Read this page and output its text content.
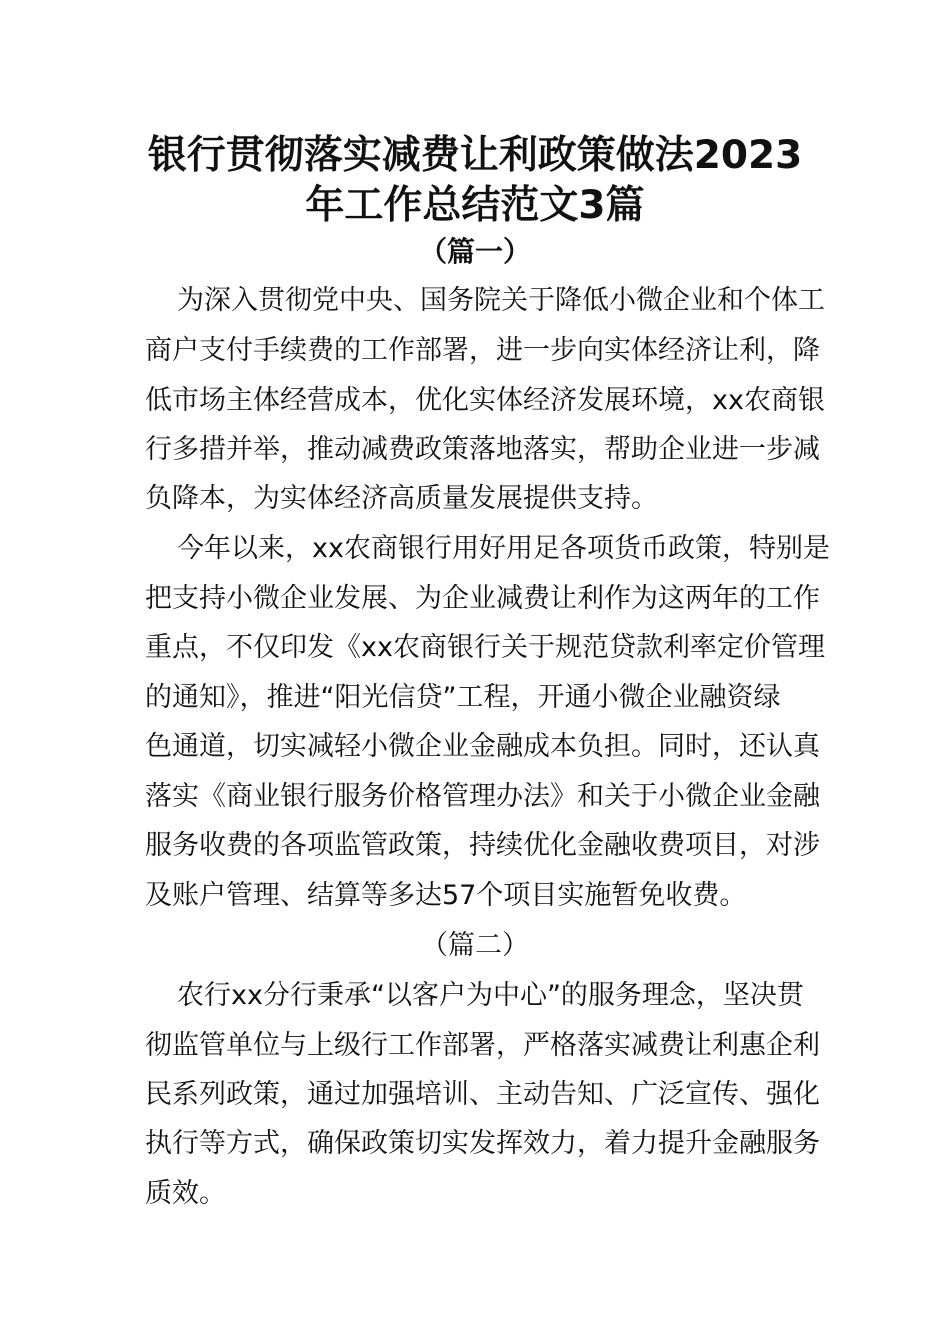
银行贯彻落实减费让利政策做法2023
年工作总结范文3篇
（篇一）
为深入贯彻党中央、国务院关于降低小微企业和个体工
商户支付手续费的工作部署，进一步向实体经济让利，降
低市场主体经营成本，优化实体经济发展环境，xx农商银
行多措并举，推动减费政策落地落实，帮助企业进一步减
负降本，为实体经济高质量发展提供支持。
今年以来，xx农商银行用好用足各项货币政策，特别是
把支持小微企业发展、为企业减费让利作为这两年的工作
重点，不仅印发《xx农商银行关于规范贷款利率定价管理
的通知》，推进“阳光信贷”工程，开通小微企业融资绿
色通道，切实减轻小微企业金融成本负担。同时，还认真
落实《商业银行服务价格管理办法》和关于小微企业金融
服务收费的各项监管政策，持续优化金融收费项目，对涉
及账户管理、结算等多达57个项目实施暂免收费。
（篇二）
农行xx分行秉承“以客户为中心”的服务理念，坚决贯
彻监管单位与上级行工作部署，严格落实减费让利惠企利
民系列政策，通过加强培训、主动告知、广泛宣传、强化
执行等方式，确保政策切实发挥效力，着力提升金融服务
质效。
